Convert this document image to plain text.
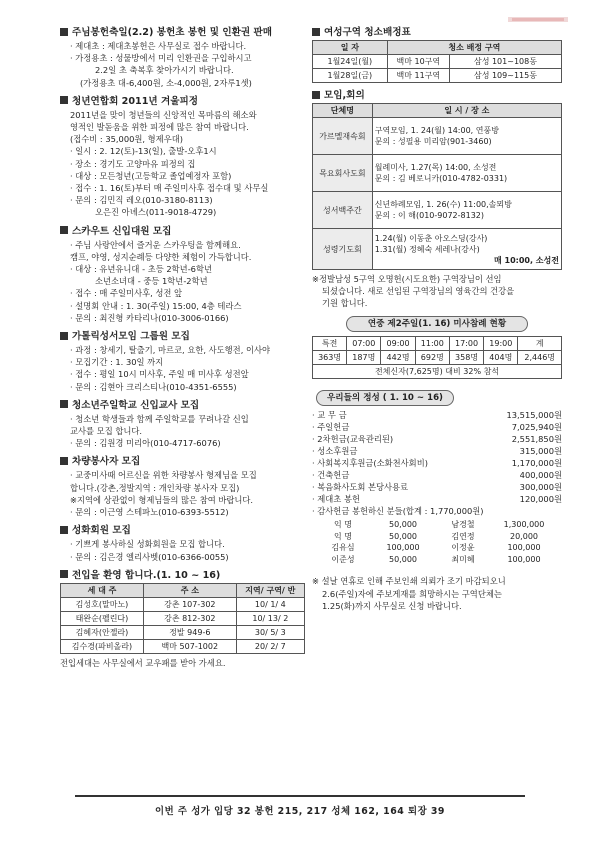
주님봉헌축일(2.2) 봉헌초 봉헌 및 인환권 판매
· 제대초 : 제대초봉헌은 사무실로 접수 바랍니다.
· 가정용초 : 성물방에서 미리 인환권을 구입하시고
2.2일 초 축복후 찾아가시기 바랍니다.
(가정용초 대-6,400원, 소-4,000원, 2자루1셋)
청년연합회 2011년 겨울피정
2011년을 맞이 청년들의 신앙적인 목마름의 해소와
영적인 발돋움을 위한 피정에 많은 참여 바랍니다.
(접수비 : 35,000원, 형제우대)
· 일시 : 2. 12(토)-13(일), 출발-오후1시
· 장소 : 경기도 고양마유 피정의 집
· 대상 : 모든청년(고등학교 졸업예정자 포함)
· 접수 : 1. 16(토)부터 매 주일미사후 접수대 및 사무실
· 문의 : 김민직 레오(010-3180-8113)
오은진 아녜스(011-9018-4729)
스카우트 신입대원 모집
· 주님 사랑안에서 즐거운 스카우팅을 함께해요.
캠프, 야영, 성지순례등 다양한 체험이 가득합니다.
· 대상 : 유년유니대 - 초등 2학년-6학년
소년소녀대 - 중등 1학년-2학년
· 접수 : 매 주일미사후, 성전 앞
· 설명회 안내 : 1. 30(주일) 15:00, 4층 테라스
· 문의 : 최진형 카타리나(010-3006-0166)
가톨릭성서모임 그룹원 모집
· 과정 : 창세기, 탈출기, 마르코, 요한, 사도행전, 이사야
· 모집기간 : 1. 30일 까지
· 접수 : 평일 10시 미사후, 주일 매 미사후 성전앞
· 문의 : 김현아 크리스티나(010-4351-6555)
청소년주일학교 신입교사 모집
· 청소년 학생들과 함께 주일학교를 꾸려나갈 신입
교사를 모집 합니다.
· 문의 : 김원경 미리아(010-4717-6076)
차량봉사자 모집
· 교중미사때 어르신을 위한 차량봉사 형제님을 모집
합니다.(강촌,정발지역 : 개인차량 봉사자 모집)
※지역에 상관없이 형제님들의 많은 참여 바랍니다.
· 문의 : 이근영 스테파노(010-6393-5512)
성화회원 모집
· 기쁘게 봉사하실 성화회원을 모집 합니다.
· 문의 : 김은경 엘리사벳(010-6366-0055)
전입을 환영 합니다.(1. 10 ~ 16)
세 대 주	주 소	지역/ 구역/ 반
김성호(말마노)	강촌 107-302	10/ 1/ 4
태완순(펠린다)	강촌 812-302	10/ 13/ 2
김혜자(안젤라)	정발 949-6	30/ 5/ 3
김수경(파비올라)	백마 507-1002	20/ 2/ 7
전입세대는 사무실에서 교우패를 받아 가세요.
여성구역 청소배정표
일 자	청소 배정 구역	
1월24일(월)	백마 10구역	삼성 101~108동
1월28일(금)	백마 11구역	삼성 109~115동
모임,회의
단체명	일 시 / 장 소
가르멜재속회	구역모임, 1. 24(월) 14:00, 연풍방
문의 : 성필용 미리암(901-3460)

목요회사도회	월례미사, 1.27(목) 14:00, 소성전
문의 : 김 베로니카(010-4782-0331)

성서백주간	신년하례모임, 1. 26(수) 11:00,솔뫼방
문의 : 이 해(010-9072-8132)

성령기도회	1.24(월) 이동춘 아오스딩(강사)
1.31(월) 정혜숙 세레나(강사)
매 10:00, 소성전
※정발남성 5구역 오명헌(시도요한) 구역장님이 선임
되셨습니다. 새로 선임된 구역장님의 영육간의 건강을
기원 합니다.
연중 제2주일(1. 16) 미사참례 현황
특전	07:00	09:00	11:00	17:00	19:00	계
363명	187명	442명	692명	358명	404명	2,446명
전체신자(7,625명) 대비 32% 참석						
우리들의 정성 ( 1. 10 ~ 16)
· 교 무 금	13,515,000원
· 주일헌금	7,025,940원
· 2차헌금(교육관리된)	2,551,850원
· 성소후원금	315,000원
· 사회복지후원금(소화천사회비)	1,170,000원
· 건축헌금	400,000원
· 복음화사도회 본당사용료	300,000원
· 제대초 봉헌	120,000원
· 감사헌금 봉헌하신 분들(합계 : 1,770,000원)
익 명	50,000	남경철	1,300,000
익 명	50,000	김연정	20,000
김유심	100,000	이정윤	100,000
이준성	50,000	최미혜	100,000
※ 설날 연휴로 인해 주보인쇄 의뢰가 조기 마감되오니
2.6(주일)자에 주보게재를 희망하시는 구역단체는
1.25(화)까지 사무실로 신청 바랍니다.
이번 주 성가 입당 32 봉헌 215, 217 성체 162, 164 퇴장 39
